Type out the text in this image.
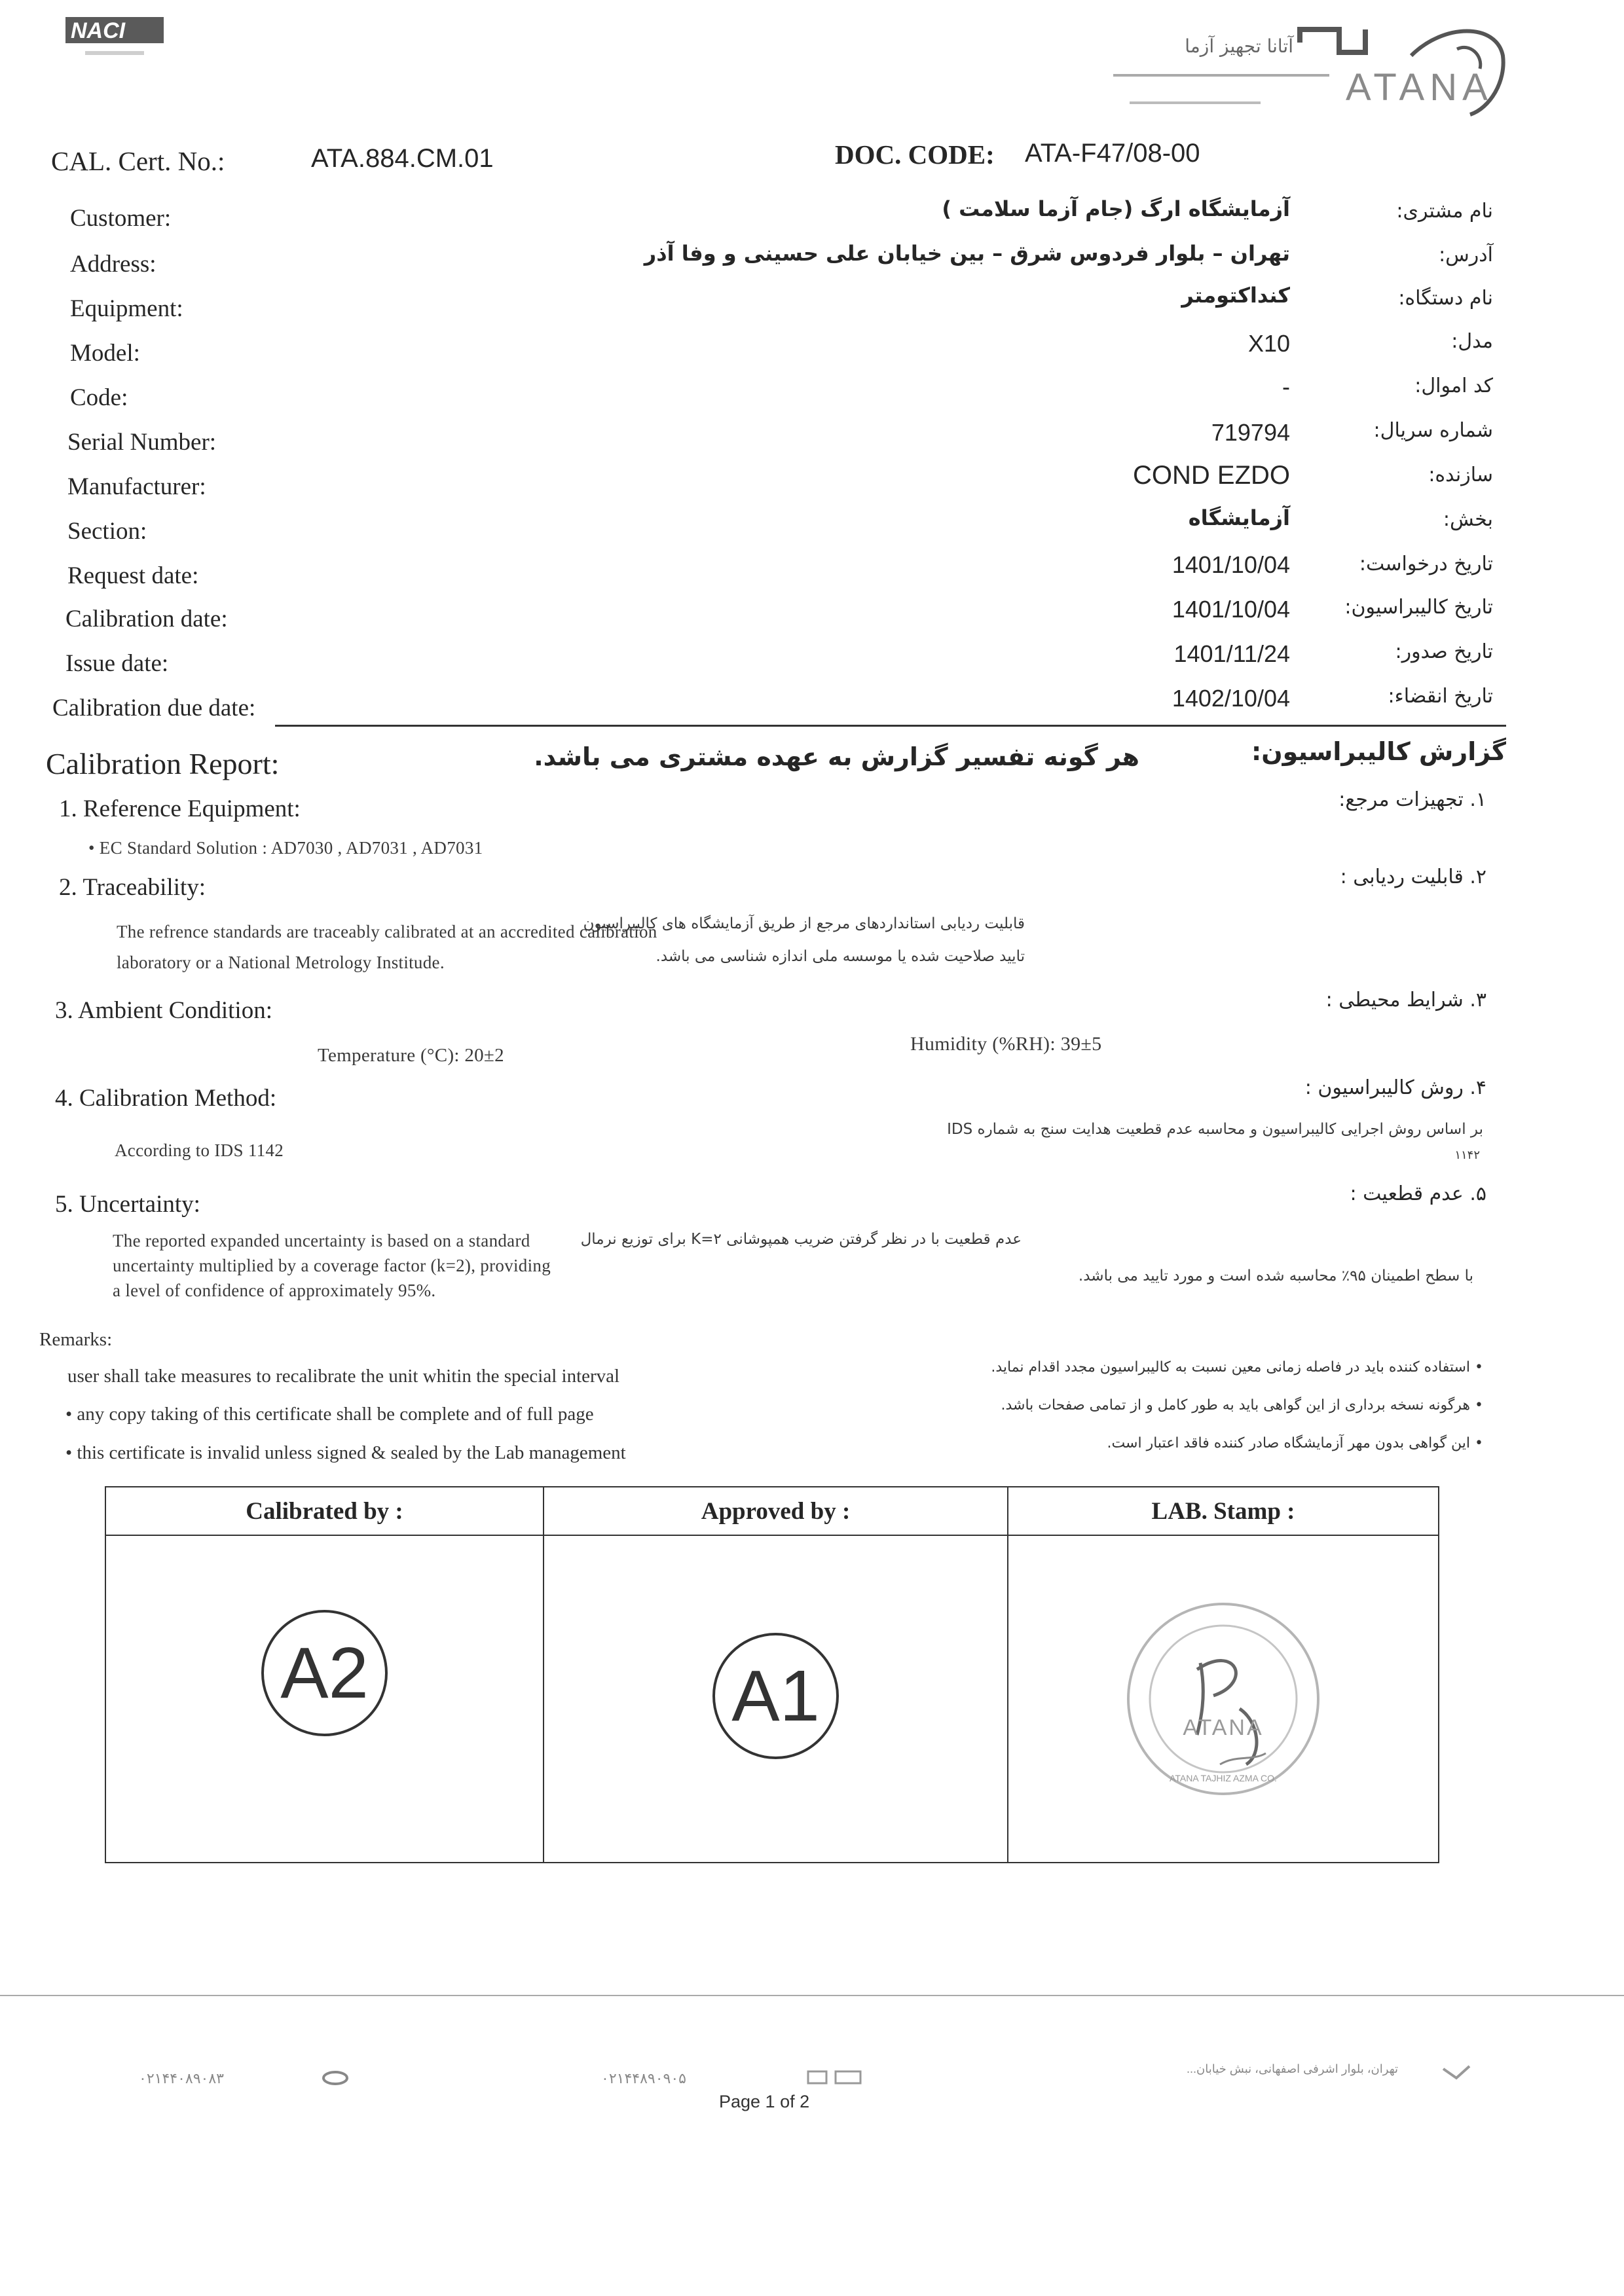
NACI
ATANA
آتانا تجهیز آزما
CAL. Cert. No.:	ATA.884.CM.01	DOC. CODE: ATA-F47/08-00
Customer:	آزمایشگاه ارگ (جام آزما سلامت )	نام مشتری:
Address:	تهران – بلوار فردوس شرق – بین خیابان علی حسینی و وفا آذر	آدرس:
Equipment:	کنداکتومتر	نام دستگاه:
Model:	X10	مدل:
Code:	-	کد اموال:
Serial Number:	719794	شماره سریال:
Manufacturer:	COND EZDO	سازنده:
Section:	آزمایشگاه	بخش:
Request date:	1401/10/04	تاریخ درخواست:
Calibration date:	1401/10/04	تاریخ کالیبراسیون:
Issue date:	1401/11/24	تاریخ صدور:
Calibration due date:	1402/10/04	تاریخ انقضاء:
Calibration Report:	هر گونه تفسیر گزارش به عهده مشتری می باشد.	گزارش کالیبراسیون:
1. Reference Equipment:	۱. تجهیزات مرجع:
• EC Standard Solution : AD7030 , AD7031 , AD7031
2. Traceability:	۲. قابلیت ردیابی :
The refrence standards are traceably calibrated at an accredited calibration
laboratory or a National Metrology Institude.
قابلیت ردیابی استانداردهای مرجع از طریق آزمایشگاه های کالیبراسیون
تایید صلاحیت شده یا موسسه ملی اندازه شناسی می باشد.
3. Ambient Condition:	۳. شرایط محیطی :
Temperature (°C): 20±2
Humidity (%RH): 39±5
4. Calibration Method:	۴. روش کالیبراسیون :
According to IDS 1142
بر اساس روش اجرایی کالیبراسیون و محاسبه عدم قطعیت هدایت سنج به شماره IDS
۱۱۴۲
5. Uncertainty:	۵. عدم قطعیت :
The reported expanded uncertainty is based on a standard
uncertainty multiplied by a coverage factor (k=2), providing
a level of confidence of approximately 95%.
عدم قطعیت با در نظر گرفتن ضریب همپوشانی K=۲ برای توزیع نرمال
با سطح اطمینان ۹۵٪ محاسبه شده است و مورد تایید می باشد.
Remarks:
user shall take measures to recalibrate the unit whitin the special interval
• any copy taking of this certificate shall be complete and of full page
• this certificate is invalid unless signed & sealed by the Lab management
• استفاده کننده باید در فاصله زمانی معین نسبت به کالیبراسیون مجدد اقدام نماید.
• هرگونه نسخه برداری از این گواهی باید به طور کامل و از تمامی صفحات باشد.
• این گواهی بدون مهر آزمایشگاه صادر کننده فاقد اعتبار است.
Calibrated by :	Approved by :	LAB. Stamp :
A2	A1	ATANA
ATANA TAJHIZ AZMA CO.
۰۲۱۴۴۰۸۹۰۸۳	۰۲۱۴۴۸۹۰۹۰۵
تهران، بلوار اشرفی اصفهانی، نبش خیابان...
Page 1 of 2
